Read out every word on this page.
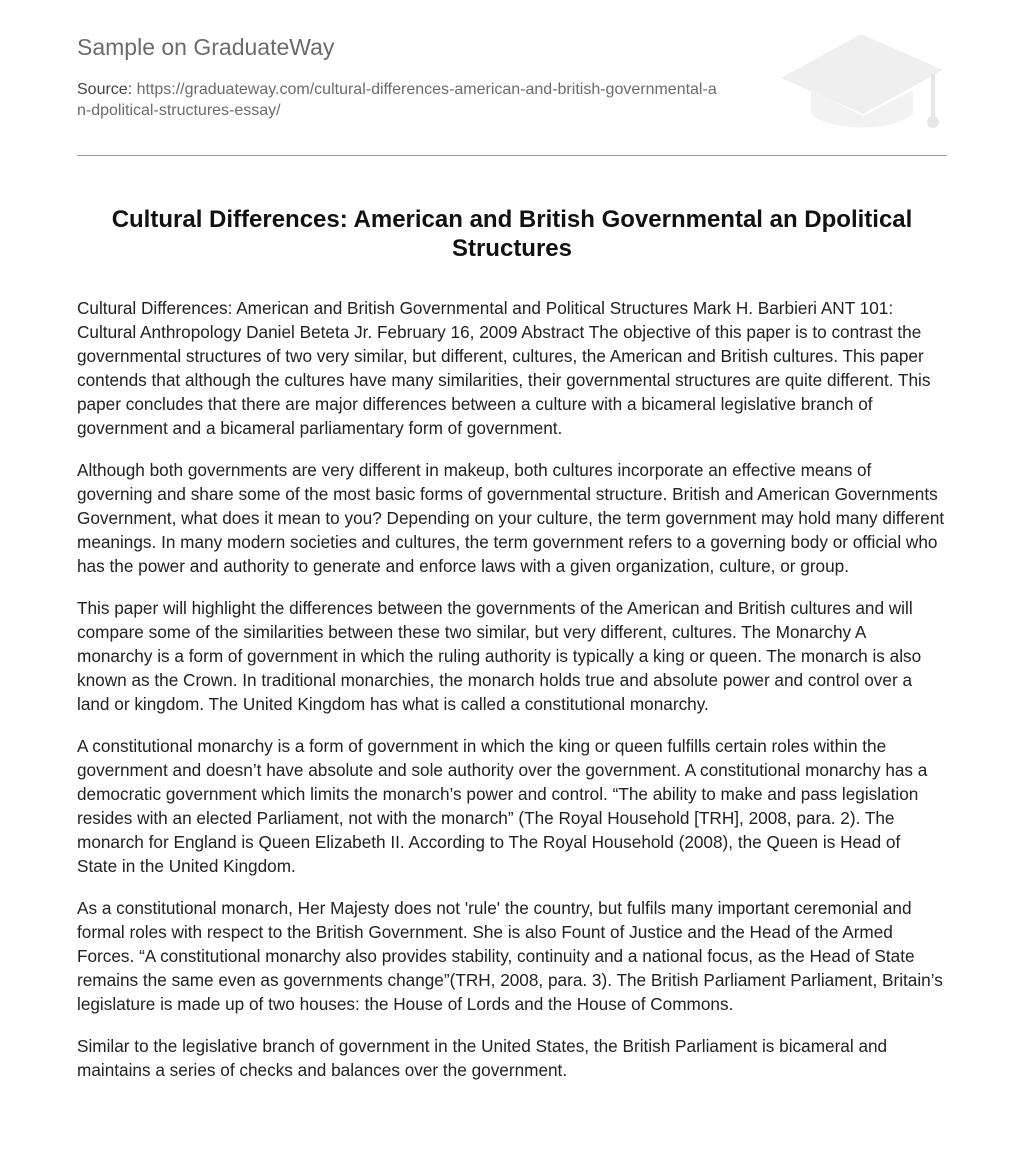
Sample on GraduateWay
Source: https://graduateway.com/cultural-differences-american-and-british-governmental-an-dpolitical-structures-essay/
Cultural Differences: American and British Governmental an Dpolitical Structures

Cultural Differences: American and British Governmental and Political Structures Mark H. Barbieri ANT 101: Cultural Anthropology Daniel Beteta Jr. February 16, 2009 Abstract The objective of this paper is to contrast the governmental structures of two very similar, but different, cultures, the American and British cultures. This paper contends that although the cultures have many similarities, their governmental structures are quite different. This paper concludes that there are major differences between a culture with a bicameral legislative branch of government and a bicameral parliamentary form of government.

Although both governments are very different in makeup, both cultures incorporate an effective means of governing and share some of the most basic forms of governmental structure. British and American Governments Government, what does it mean to you? Depending on your culture, the term government may hold many different meanings. In many modern societies and cultures, the term government refers to a governing body or official who has the power and authority to generate and enforce laws with a given organization, culture, or group.

This paper will highlight the differences between the governments of the American and British cultures and will compare some of the similarities between these two similar, but very different, cultures. The Monarchy A monarchy is a form of government in which the ruling authority is typically a king or queen. The monarch is also known as the Crown. In traditional monarchies, the monarch holds true and absolute power and control over a land or kingdom. The United Kingdom has what is called a constitutional monarchy.

A constitutional monarchy is a form of government in which the king or queen fulfills certain roles within the government and doesn’t have absolute and sole authority over the government. A constitutional monarchy has a democratic government which limits the monarch’s power and control. “The ability to make and pass legislation resides with an elected Parliament, not with the monarch” (The Royal Household [TRH], 2008, para. 2). The monarch for England is Queen Elizabeth II. According to The Royal Household (2008), the Queen is Head of State in the United Kingdom.

As a constitutional monarch, Her Majesty does not 'rule' the country, but fulfils many important ceremonial and formal roles with respect to the British Government. She is also Fount of Justice and the Head of the Armed Forces. “A constitutional monarchy also provides stability, continuity and a national focus, as the Head of State remains the same even as governments change”(TRH, 2008, para. 3). The British Parliament Parliament, Britain’s legislature is made up of two houses: the House of Lords and the House of Commons.

Similar to the legislative branch of government in the United States, the British Parliament is bicameral and maintains a series of checks and balances over the government.
